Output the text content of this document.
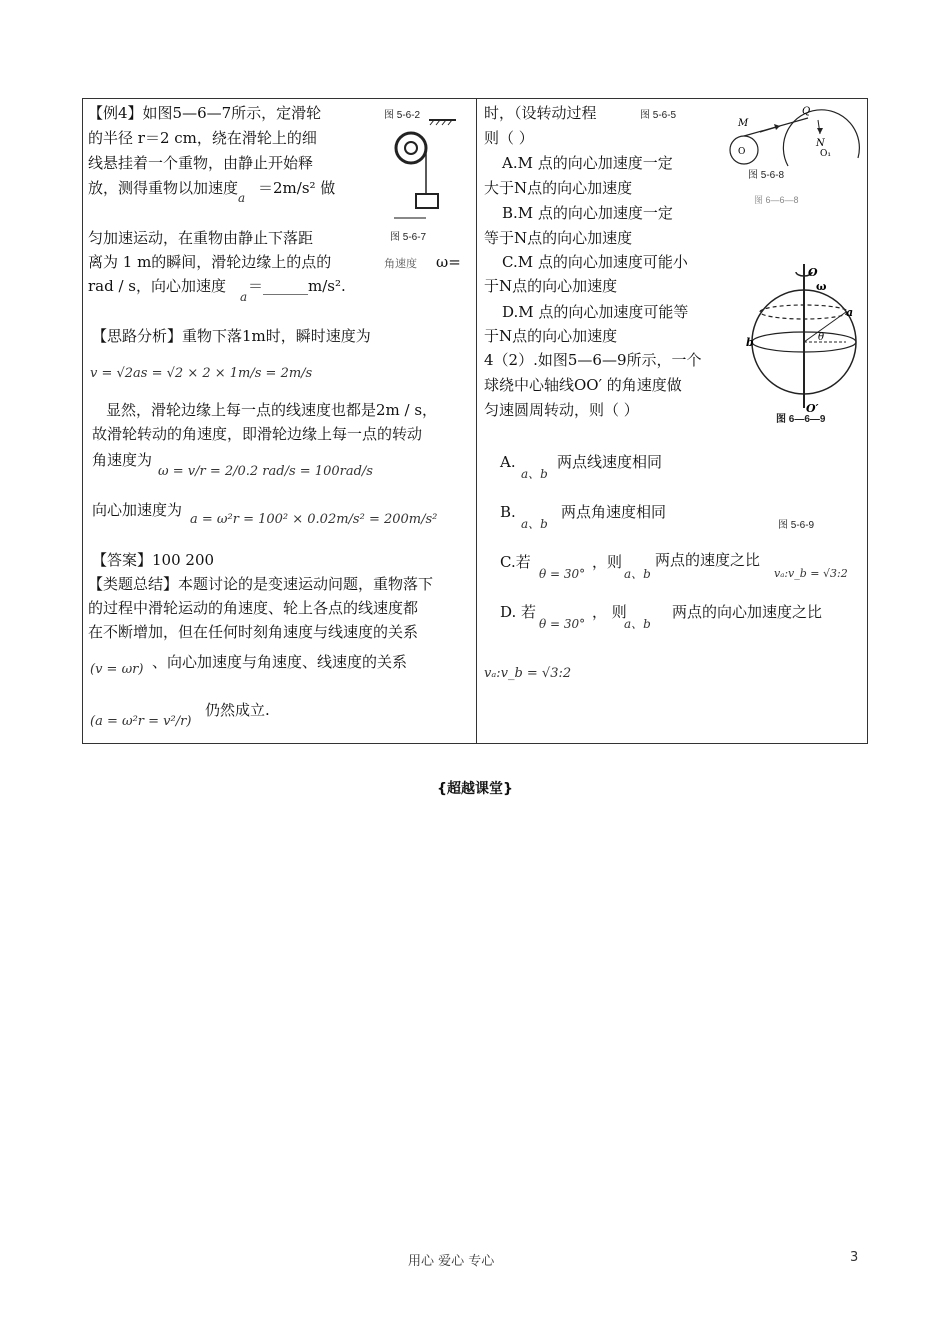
【例4】如图5—6—7所示，定滑轮
的半径 r＝2 cm，绕在滑轮上的细
线悬挂着一个重物，由静止开始释
放，测得重物以加速度
a
＝2m/s² 做
匀加速运动，在重物由静止下落距
离为 1 m的瞬间，滑轮边缘上的点的	角速度 ω=
rad / s，向心加速度
a
＝______m/s².
图 5-6-2
图 5-6-7
【思路分析】重物下落1m时，瞬时速度为
v = √2as = √2 × 2 × 1m/s = 2m/s
显然，滑轮边缘上每一点的线速度也都是2m / s，
故滑轮转动的角速度，即滑轮边缘上每一点的转动
角速度为
ω = v/r = 2/0.2 rad/s = 100rad/s
向心加速度为
a = ω²r = 100² × 0.02m/s² = 200m/s²
【答案】100 200
【类题总结】本题讨论的是变速运动问题，重物落下
的过程中滑轮运动的角速度、轮上各点的线速度都
在不断增加，但在任何时刻角速度与线速度的关系
(v = ωr) 、向心加速度与角速度、线速度的关系
(a = ω²r = v²/r)
仍然成立.
时，（设转动过程	图 5-6-5
则（ ）
A.M 点的向心加速度一定
大于N点的向心加速度
B.M 点的向心加速度一定
等于N点的向心加速度
C.M 点的向心加速度可能小
于N点的向心加速度
D.M 点的向心加速度可能等
于N点的向心加速度
4（2）.如图5—6—9所示，一个
球绕中心轴线OO′ 的角速度做
匀速圆周转动，则（ ）
M
Q
N
O	O₁
图 5-6-8
图 6—6—8
O
ω
a
b	θ
O′
图 6—6—9
图 5-6-9
A.
a、b
两点线速度相同
B.
a、b
两点角速度相同
C.若
θ = 30°
，则
a、b
两点的速度之比
vₐ:v_b = √3:2
D. 若
θ = 30°
， 则
a、b
两点的向心加速度之比
vₐ:v_b = √3:2
{超越课堂}
用心 爱心 专心	3
